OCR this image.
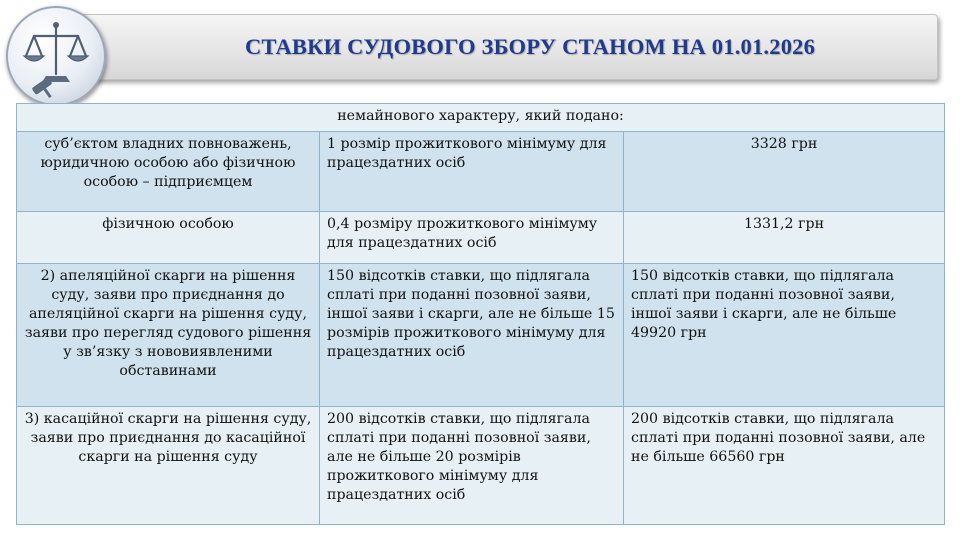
СТАВКИ СУДОВОГО ЗБОРУ СТАНОМ НА 01.01.2026
немайнового характеру, який подано:		
суб’єктом владних повноважень, юридичною особою або фізичною особою – підприємцем	1 розмір прожиткового мінімуму для працездатних осіб	3328 грн
фізичною особою	0,4 розміру прожиткового мінімуму для працездатних осіб	1331,2 грн
2) апеляційної скарги на рішення суду, заяви про приєднання до апеляційної скарги на рішення суду, заяви про перегляд судового рішення у зв’язку з нововиявленими обставинами	150 відсотків ставки, що підлягала сплаті при поданні позовної заяви, іншої заяви і скарги, але не більше 15 розмірів прожиткового мінімуму для працездатних осіб	150 відсотків ставки, що підлягала сплаті при поданні позовної заяви, іншої заяви і скарги, але не більше 49920 грн
3) касаційної скарги на рішення суду, заяви про приєднання до касаційної скарги на рішення суду	200 відсотків ставки, що підлягала сплаті при поданні позовної заяви, але не більше 20 розмірів прожиткового мінімуму для працездатних осіб	200 відсотків ставки, що підлягала сплаті при поданні позовної заяви, але не більше 66560 грн
